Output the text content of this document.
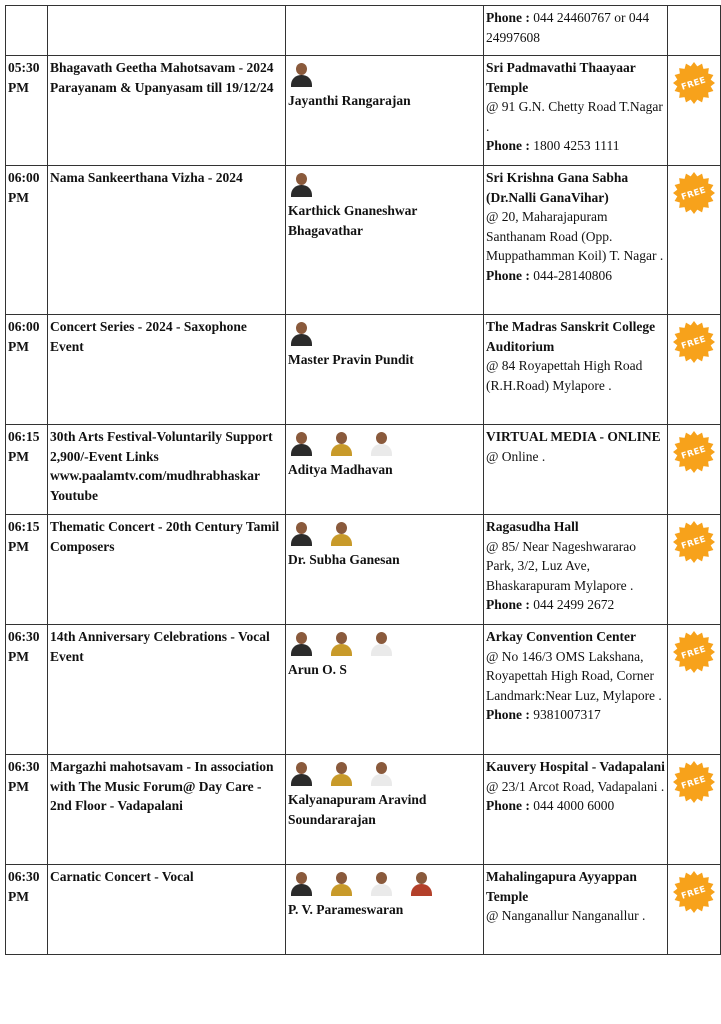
			Phone : 044 24460767 or 044 24997608	
05:30 PM	Bhagavath Geetha Mahotsavam - 2024 Parayanam & Upanyasam till 19/12/24	Jayanthi Rangarajan	Sri Padmavathi Thaayaar Temple
@ 91 G.N. Chetty Road T.Nagar .
Phone : 1800 4253 1111	FREE

06:00 PM	Nama Sankeerthana Vizha - 2024	Karthick Gnaneshwar Bhagavathar	Sri Krishna Gana Sabha (Dr.Nalli GanaVihar)
@ 20, Maharajapuram Santhanam Road (Opp. Muppathamman Koil) T. Nagar .
Phone : 044-28140806	FREE

06:00 PM	Concert Series - 2024 - Saxophone Event	Master Pravin Pundit	The Madras Sanskrit College Auditorium
@ 84 Royapettah High Road (R.H.Road) Mylapore .	FREE

06:15 PM	30th Arts Festival-Voluntarily Support 2,900/-Event Links www.paalamtv.com/mudhrabhaskar Youtube	Aditya Madhavan	VIRTUAL MEDIA - ONLINE
@ Online .	FREE

06:15 PM	Thematic Concert - 20th Century Tamil Composers	Dr. Subha Ganesan	Ragasudha Hall
@ 85/ Near Nageshwararao Park, 3/2, Luz Ave, Bhaskarapuram Mylapore .
Phone : 044 2499 2672	FREE

06:30 PM	14th Anniversary Celebrations - Vocal Event	Arun O. S	Arkay Convention Center
@ No 146/3 OMS Lakshana, Royapettah High Road, Corner Landmark:Near Luz, Mylapore .
Phone : 9381007317	FREE

06:30 PM	Margazhi mahotsavam - In association with The Music Forum@ Day Care - 2nd Floor - Vadapalani	Kalyanapuram Aravind Soundararajan	Kauvery Hospital - Vadapalani
@ 23/1 Arcot Road, Vadapalani .
Phone : 044 4000 6000	FREE

06:30 PM	Carnatic Concert - Vocal	P. V. Parameswaran	Mahalingapura Ayyappan Temple
@ Nanganallur Nanganallur .	FREE
